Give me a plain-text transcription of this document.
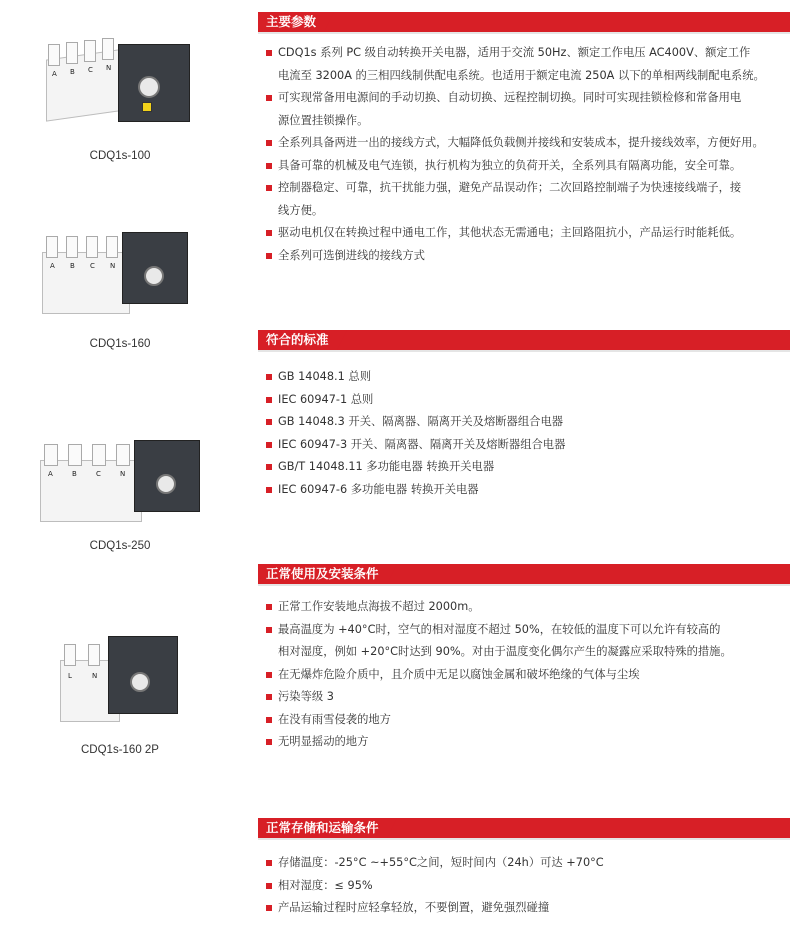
A B C N
CDQ1s-100
A B C N
CDQ1s-160
A	B	C	N
CDQ1s-250
L	N
CDQ1s-160 2P
主要参数
CDQ1s 系列 PC 级自动转换开关电器，适用于交流 50Hz、额定工作电压 AC400V、额定工作
电流至 3200A 的三相四线制供配电系统。也适用于额定电流 250A 以下的单相两线制配电系统。
可实现常备用电源间的手动切换、自动切换、远程控制切换。同时可实现挂锁检修和常备用电
源位置挂锁操作。
全系列具备两进一出的接线方式，大幅降低负载侧并接线和安装成本，提升接线效率，方便好用。
具备可靠的机械及电气连锁，执行机构为独立的负荷开关，全系列具有隔离功能，安全可靠。
控制器稳定、可靠，抗干扰能力强，避免产品误动作；二次回路控制端子为快速接线端子，接
线方便。
驱动电机仅在转换过程中通电工作，其他状态无需通电；主回路阻抗小，产品运行时能耗低。
全系列可选倒进线的接线方式
符合的标准
GB 14048.1 总则
IEC 60947-1 总则
GB 14048.3 开关、隔离器、隔离开关及熔断器组合电器
IEC 60947-3 开关、隔离器、隔离开关及熔断器组合电器
GB/T 14048.11 多功能电器 转换开关电器
IEC 60947-6 多功能电器 转换开关电器
正常使用及安装条件
正常工作安装地点海拔不超过 2000m。
最高温度为 +40°C时，空气的相对湿度不超过 50%，在较低的温度下可以允许有较高的
相对湿度，例如 +20°C时达到 90%。对由于温度变化偶尔产生的凝露应采取特殊的措施。
在无爆炸危险介质中，且介质中无足以腐蚀金属和破坏绝缘的气体与尘埃
污染等级 3
在没有雨雪侵袭的地方
无明显摇动的地方
正常存储和运输条件
存储温度：-25°C ~+55°C之间，短时间内（24h）可达 +70°C
相对湿度：≤ 95%
产品运输过程时应轻拿轻放，不要倒置，避免强烈碰撞
